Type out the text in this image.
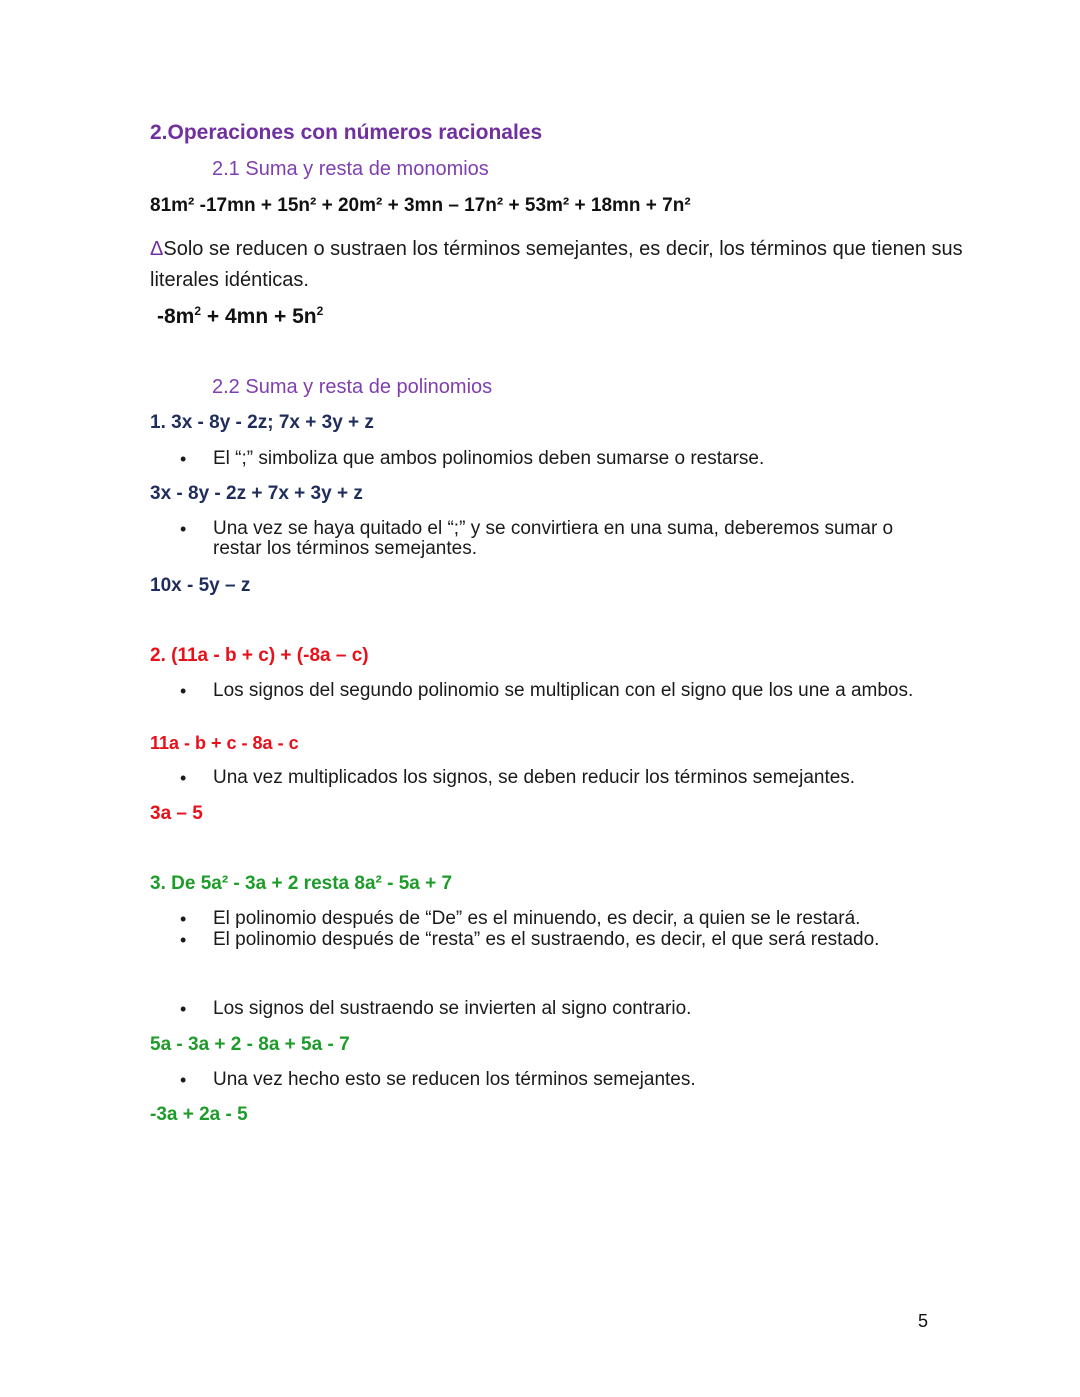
2.Operaciones con números racionales
2.1 Suma y resta de monomios
81m² -17mn + 15n² + 20m² + 3mn – 17n² + 53m² + 18mn + 7n²
ΔSolo se reducen o sustraen los términos semejantes, es decir, los términos que tienen sus literales idénticas.
$-8m^2 + 4mn + 5n^2$
2.2 Suma y resta de polinomios
1. 3x - 8y - 2z; 7x + 3y + z
• El “;” simboliza que ambos polinomios deben sumarse o restarse.
3x - 8y - 2z + 7x + 3y + z
• Una vez se haya quitado el “;” y se convirtiera en una suma, deberemos sumar o restar los términos semejantes.
10x - 5y – z
2. (11a - b + c) + (-8a – c)
• Los signos del segundo polinomio se multiplican con el signo que los une a ambos.
11a - b + c - 8a - c
• Una vez multiplicados los signos, se deben reducir los términos semejantes.
3a – 5
3. De 5a² - 3a + 2 resta 8a² - 5a + 7
• El polinomio después de “De” es el minuendo, es decir, a quien se le restará.
• El polinomio después de “resta” es el sustraendo, es decir, el que será restado.
• Los signos del sustraendo se invierten al signo contrario.
5a - 3a + 2 - 8a + 5a - 7
• Una vez hecho esto se reducen los términos semejantes.
-3a + 2a - 5
5
